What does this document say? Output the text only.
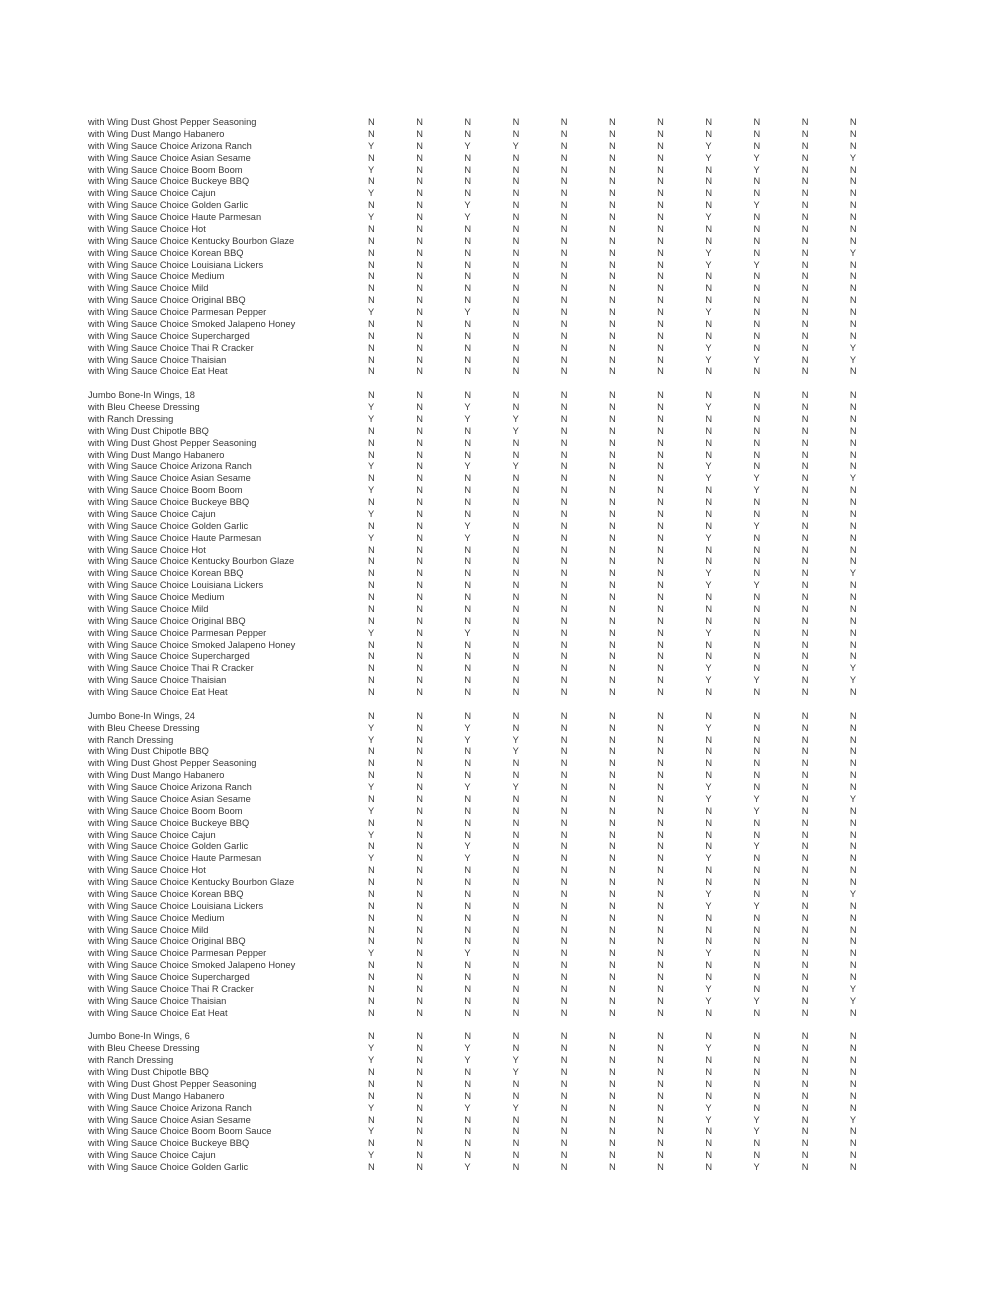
with Wing Dust Ghost Pepper Seasoning	N	N	N	N	N	N	N	N	N	N	N
with Wing Dust Mango Habanero	N	N	N	N	N	N	N	N	N	N	N
with Wing Sauce Choice Arizona Ranch	Y	N	Y	Y	N	N	N	Y	N	N	N
with Wing Sauce Choice Asian Sesame	N	N	N	N	N	N	N	Y	Y	N	Y
with Wing Sauce Choice Boom Boom	Y	N	N	N	N	N	N	N	Y	N	N
with Wing Sauce Choice Buckeye BBQ	N	N	N	N	N	N	N	N	N	N	N
with Wing Sauce Choice Cajun	Y	N	N	N	N	N	N	N	N	N	N
with Wing Sauce Choice Golden Garlic	N	N	Y	N	N	N	N	N	Y	N	N
with Wing Sauce Choice Haute Parmesan	Y	N	Y	N	N	N	N	Y	N	N	N
with Wing Sauce Choice Hot	N	N	N	N	N	N	N	N	N	N	N
with Wing Sauce Choice Kentucky Bourbon Glaze	N	N	N	N	N	N	N	N	N	N	N
with Wing Sauce Choice Korean BBQ	N	N	N	N	N	N	N	Y	N	N	Y
with Wing Sauce Choice Louisiana Lickers	N	N	N	N	N	N	N	Y	Y	N	N
with Wing Sauce Choice Medium	N	N	N	N	N	N	N	N	N	N	N
with Wing Sauce Choice Mild	N	N	N	N	N	N	N	N	N	N	N
with Wing Sauce Choice Original BBQ	N	N	N	N	N	N	N	N	N	N	N
with Wing Sauce Choice Parmesan Pepper	Y	N	Y	N	N	N	N	Y	N	N	N
with Wing Sauce Choice Smoked Jalapeno Honey	N	N	N	N	N	N	N	N	N	N	N
with Wing Sauce Choice Supercharged	N	N	N	N	N	N	N	N	N	N	N
with Wing Sauce Choice Thai R Cracker	N	N	N	N	N	N	N	Y	N	N	Y
with Wing Sauce Choice Thaisian	N	N	N	N	N	N	N	Y	Y	N	Y
with Wing Sauce Choice Eat Heat	N	N	N	N	N	N	N	N	N	N	N
Jumbo Bone-In Wings, 18	N	N	N	N	N	N	N	N	N	N	N
with Bleu Cheese Dressing	Y	N	Y	N	N	N	N	Y	N	N	N
with Ranch Dressing	Y	N	Y	Y	N	N	N	N	N	N	N
with Wing Dust Chipotle BBQ	N	N	N	Y	N	N	N	N	N	N	N
with Wing Dust Ghost Pepper Seasoning	N	N	N	N	N	N	N	N	N	N	N
with Wing Dust Mango Habanero	N	N	N	N	N	N	N	N	N	N	N
with Wing Sauce Choice Arizona Ranch	Y	N	Y	Y	N	N	N	Y	N	N	N
with Wing Sauce Choice Asian Sesame	N	N	N	N	N	N	N	Y	Y	N	Y
with Wing Sauce Choice Boom Boom	Y	N	N	N	N	N	N	N	Y	N	N
with Wing Sauce Choice Buckeye BBQ	N	N	N	N	N	N	N	N	N	N	N
with Wing Sauce Choice Cajun	Y	N	N	N	N	N	N	N	N	N	N
with Wing Sauce Choice Golden Garlic	N	N	Y	N	N	N	N	N	Y	N	N
with Wing Sauce Choice Haute Parmesan	Y	N	Y	N	N	N	N	Y	N	N	N
with Wing Sauce Choice Hot	N	N	N	N	N	N	N	N	N	N	N
with Wing Sauce Choice Kentucky Bourbon Glaze	N	N	N	N	N	N	N	N	N	N	N
with Wing Sauce Choice Korean BBQ	N	N	N	N	N	N	N	Y	N	N	Y
with Wing Sauce Choice Louisiana Lickers	N	N	N	N	N	N	N	Y	Y	N	N
with Wing Sauce Choice Medium	N	N	N	N	N	N	N	N	N	N	N
with Wing Sauce Choice Mild	N	N	N	N	N	N	N	N	N	N	N
with Wing Sauce Choice Original BBQ	N	N	N	N	N	N	N	N	N	N	N
with Wing Sauce Choice Parmesan Pepper	Y	N	Y	N	N	N	N	Y	N	N	N
with Wing Sauce Choice Smoked Jalapeno Honey	N	N	N	N	N	N	N	N	N	N	N
with Wing Sauce Choice Supercharged	N	N	N	N	N	N	N	N	N	N	N
with Wing Sauce Choice Thai R Cracker	N	N	N	N	N	N	N	Y	N	N	Y
with Wing Sauce Choice Thaisian	N	N	N	N	N	N	N	Y	Y	N	Y
with Wing Sauce Choice Eat Heat	N	N	N	N	N	N	N	N	N	N	N
Jumbo Bone-In Wings, 24	N	N	N	N	N	N	N	N	N	N	N
with Bleu Cheese Dressing	Y	N	Y	N	N	N	N	Y	N	N	N
with Ranch Dressing	Y	N	Y	Y	N	N	N	N	N	N	N
with Wing Dust Chipotle BBQ	N	N	N	Y	N	N	N	N	N	N	N
with Wing Dust Ghost Pepper Seasoning	N	N	N	N	N	N	N	N	N	N	N
with Wing Dust Mango Habanero	N	N	N	N	N	N	N	N	N	N	N
with Wing Sauce Choice Arizona Ranch	Y	N	Y	Y	N	N	N	Y	N	N	N
with Wing Sauce Choice Asian Sesame	N	N	N	N	N	N	N	Y	Y	N	Y
with Wing Sauce Choice Boom Boom	Y	N	N	N	N	N	N	N	Y	N	N
with Wing Sauce Choice Buckeye BBQ	N	N	N	N	N	N	N	N	N	N	N
with Wing Sauce Choice Cajun	Y	N	N	N	N	N	N	N	N	N	N
with Wing Sauce Choice Golden Garlic	N	N	Y	N	N	N	N	N	Y	N	N
with Wing Sauce Choice Haute Parmesan	Y	N	Y	N	N	N	N	Y	N	N	N
with Wing Sauce Choice Hot	N	N	N	N	N	N	N	N	N	N	N
with Wing Sauce Choice Kentucky Bourbon Glaze	N	N	N	N	N	N	N	N	N	N	N
with Wing Sauce Choice Korean BBQ	N	N	N	N	N	N	N	Y	N	N	Y
with Wing Sauce Choice Louisiana Lickers	N	N	N	N	N	N	N	Y	Y	N	N
with Wing Sauce Choice Medium	N	N	N	N	N	N	N	N	N	N	N
with Wing Sauce Choice Mild	N	N	N	N	N	N	N	N	N	N	N
with Wing Sauce Choice Original BBQ	N	N	N	N	N	N	N	N	N	N	N
with Wing Sauce Choice Parmesan Pepper	Y	N	Y	N	N	N	N	Y	N	N	N
with Wing Sauce Choice Smoked Jalapeno Honey	N	N	N	N	N	N	N	N	N	N	N
with Wing Sauce Choice Supercharged	N	N	N	N	N	N	N	N	N	N	N
with Wing Sauce Choice Thai R Cracker	N	N	N	N	N	N	N	Y	N	N	Y
with Wing Sauce Choice Thaisian	N	N	N	N	N	N	N	Y	Y	N	Y
with Wing Sauce Choice Eat Heat	N	N	N	N	N	N	N	N	N	N	N
Jumbo Bone-In Wings, 6	N	N	N	N	N	N	N	N	N	N	N
with Bleu Cheese Dressing	Y	N	Y	N	N	N	N	Y	N	N	N
with Ranch Dressing	Y	N	Y	Y	N	N	N	N	N	N	N
with Wing Dust Chipotle BBQ	N	N	N	Y	N	N	N	N	N	N	N
with Wing Dust Ghost Pepper Seasoning	N	N	N	N	N	N	N	N	N	N	N
with Wing Dust Mango Habanero	N	N	N	N	N	N	N	N	N	N	N
with Wing Sauce Choice Arizona Ranch	Y	N	Y	Y	N	N	N	Y	N	N	N
with Wing Sauce Choice Asian Sesame	N	N	N	N	N	N	N	Y	Y	N	Y
with Wing Sauce Choice Boom Boom Sauce	Y	N	N	N	N	N	N	N	Y	N	N
with Wing Sauce Choice Buckeye BBQ	N	N	N	N	N	N	N	N	N	N	N
with Wing Sauce Choice Cajun	Y	N	N	N	N	N	N	N	N	N	N
with Wing Sauce Choice Golden Garlic	N	N	Y	N	N	N	N	N	Y	N	N
